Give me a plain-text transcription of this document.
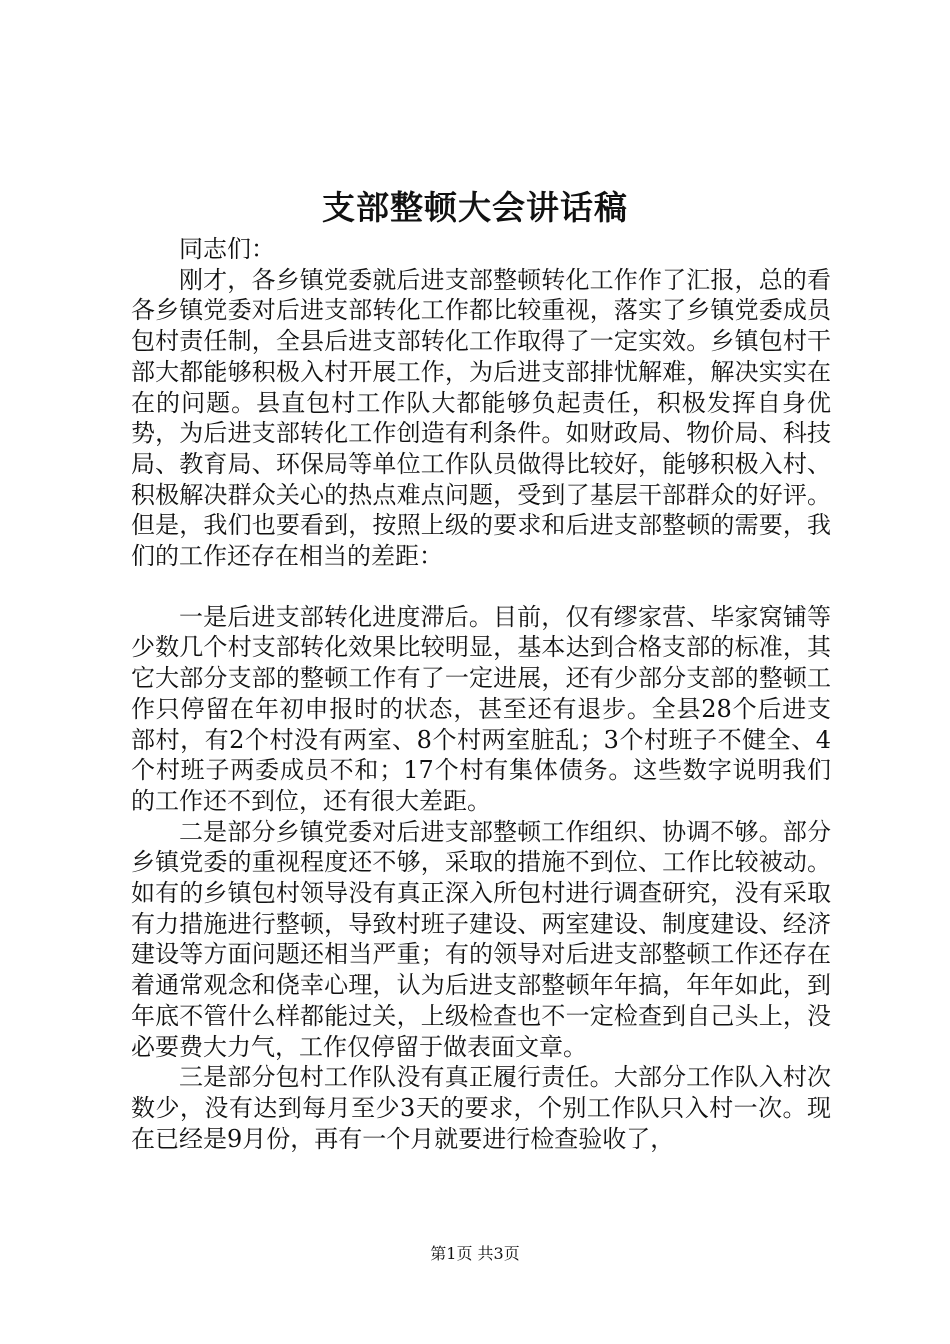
支部整顿大会讲话稿

同志们：

刚才，各乡镇党委就后进支部整顿转化工作作了汇报，总的看各乡镇党委对后进支部转化工作都比较重视，落实了乡镇党委成员包村责任制，全县后进支部转化工作取得了一定实效。乡镇包村干部大都能够积极入村开展工作，为后进支部排忧解难，解决实实在在的问题。县直包村工作队大都能够负起责任，积极发挥自身优势，为后进支部转化工作创造有利条件。如财政局、物价局、科技局、教育局、环保局等单位工作队员做得比较好，能够积极入村、积极解决群众关心的热点难点问题，受到了基层干部群众的好评。但是，我们也要看到，按照上级的要求和后进支部整顿的需要，我们的工作还存在相当的差距：

一是后进支部转化进度滞后。目前，仅有缪家营、毕家窝铺等少数几个村支部转化效果比较明显，基本达到合格支部的标准，其它大部分支部的整顿工作有了一定进展，还有少部分支部的整顿工作只停留在年初申报时的状态，甚至还有退步。全县28个后进支部村，有2个村没有两室、8个村两室脏乱；3个村班子不健全、4个村班子两委成员不和；17个村有集体债务。这些数字说明我们的工作还不到位，还有很大差距。

二是部分乡镇党委对后进支部整顿工作组织、协调不够。部分乡镇党委的重视程度还不够，采取的措施不到位、工作比较被动。如有的乡镇包村领导没有真正深入所包村进行调查研究，没有采取有力措施进行整顿，导致村班子建设、两室建设、制度建设、经济建设等方面问题还相当严重；有的领导对后进支部整顿工作还存在着通常观念和侥幸心理，认为后进支部整顿年年搞，年年如此，到年底不管什么样都能过关，上级检查也不一定检查到自己头上，没必要费大力气，工作仅停留于做表面文章。

三是部分包村工作队没有真正履行责任。大部分工作队入村次数少，没有达到每月至少3天的要求，个别工作队只入村一次。现在已经是9月份，再有一个月就要进行检查验收了，

第1页 共3页
